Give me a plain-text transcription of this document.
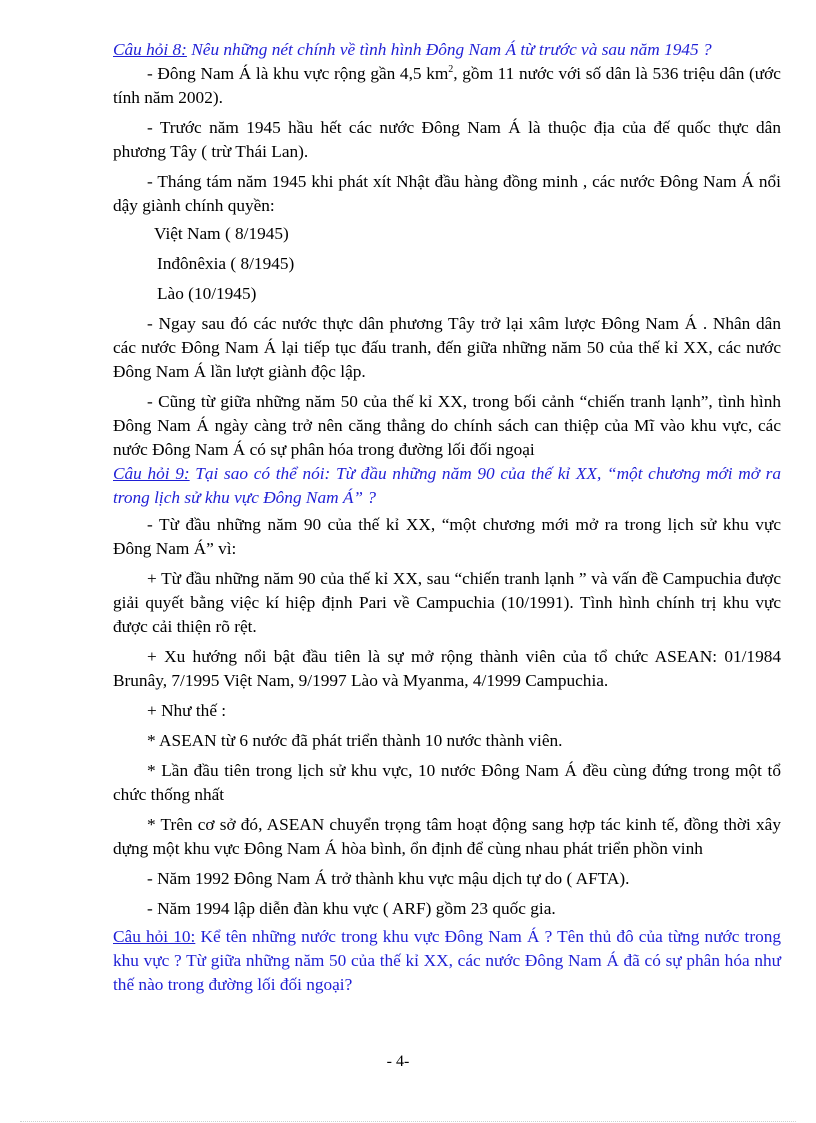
Câu hỏi 8: Nêu những nét chính về tình hình Đông Nam Á từ trước và sau năm 1945 ?

- Đông Nam Á là khu vực rộng gần 4,5 $km^2$, gồm 11 nước với số dân là 536 triệu dân (ước tính năm 2002).

- Trước năm 1945 hầu hết các nước Đông Nam Á là thuộc địa của đế quốc thực dân phương Tây ( trừ Thái Lan).

- Tháng tám năm 1945 khi phát xít Nhật đầu hàng đồng minh , các nước Đông Nam Á nổi dậy giành chính quyền:

Việt Nam ( 8/1945)

Inđônêxia ( 8/1945)

Lào (10/1945)

- Ngay sau đó các nước thực dân phương Tây trở lại xâm lược Đông Nam Á . Nhân dân các nước Đông Nam Á lại tiếp tục đấu tranh, đến giữa những năm 50 của thế kỉ XX, các nước Đông Nam Á lần lượt giành độc lập.

- Cũng từ giữa những năm 50 của thế kỉ XX, trong bối cảnh “chiến tranh lạnh”, tình hình Đông Nam Á ngày càng trở nên căng thẳng do chính sách can thiệp của Mĩ vào khu vực, các nước Đông Nam Á có sự phân hóa trong đường lối đối ngoại

Câu hỏi 9: Tại sao có thể nói: Từ đầu những năm 90 của thế kỉ XX, “một chương mới mở ra trong lịch sử khu vực Đông Nam Á” ?

- Từ đầu những năm 90 của thế kỉ XX, “một chương mới mở ra trong lịch sử khu vực Đông Nam Á” vì:

+ Từ đầu những năm 90 của thế kỉ XX, sau “chiến tranh lạnh ” và vấn đề Campuchia được giải quyết bằng việc kí hiệp định Pari về Campuchia (10/1991). Tình hình chính trị khu vực được cải thiện rõ rệt.

+ Xu hướng nổi bật đầu tiên là sự mở rộng thành viên của tổ chức ASEAN: 01/1984 Brunây, 7/1995 Việt Nam, 9/1997 Lào và Myanma, 4/1999 Campuchia.

+ Như thế :

* ASEAN từ 6 nước đã phát triển thành 10 nước thành viên.

* Lần đầu tiên trong lịch sử khu vực, 10 nước Đông Nam Á đều cùng đứng trong một tổ chức thống nhất

* Trên cơ sở đó, ASEAN chuyển trọng tâm hoạt động sang hợp tác kinh tế, đồng thời xây dựng một khu vực Đông Nam Á hòa bình, ổn định để cùng nhau phát triển phồn vinh

- Năm 1992 Đông Nam Á trở thành khu vực mậu dịch tự do ( AFTA).

- Năm 1994 lập diễn đàn khu vực ( ARF) gồm 23 quốc gia.

Câu hỏi 10: Kể tên những nước trong khu vực Đông Nam Á ? Tên thủ đô của từng nước trong khu vực ? Từ giữa những năm 50 của thế kỉ XX, các nước Đông Nam Á đã có sự phân hóa như thế nào trong đường lối đối ngoại?

- 4-
